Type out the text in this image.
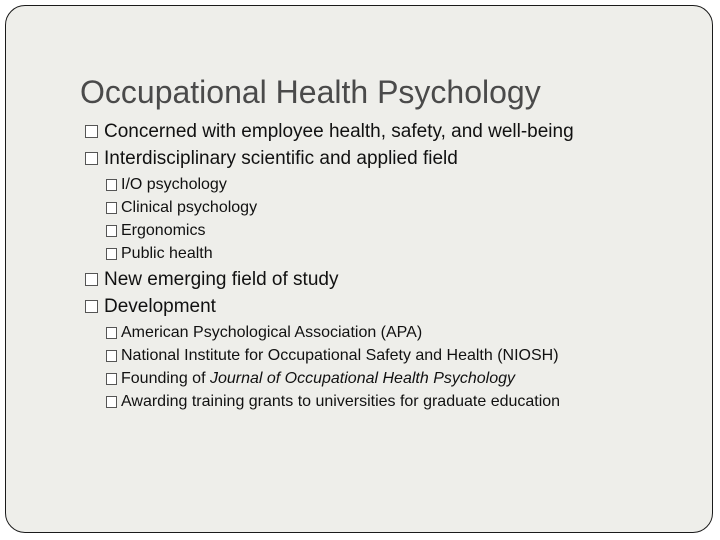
Occupational Health Psychology
Concerned with employee health, safety, and well-being
Interdisciplinary scientific and applied field
I/O psychology
Clinical psychology
Ergonomics
Public health
New emerging field of study
Development
American Psychological Association (APA)
National Institute for Occupational Safety and Health (NIOSH)
Founding of Journal of Occupational Health Psychology
Awarding training grants to universities for graduate education
